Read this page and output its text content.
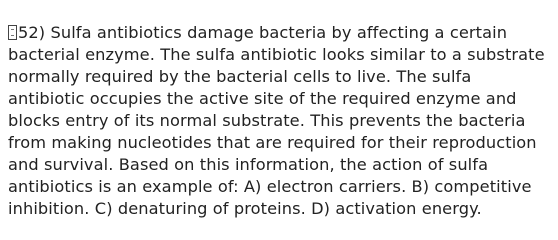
52) Sulfa antibiotics damage bacteria by affecting a certain bacterial enzyme. The sulfa antibiotic looks similar to a substrate normally required by the bacterial cells to live. The sulfa antibiotic occupies the active site of the required enzyme and blocks entry of its normal substrate. This prevents the bacteria from making nucleotides that are required for their reproduction and survival. Based on this information, the action of sulfa antibiotics is an example of: A) electron carriers. B) competitive inhibition. C) denaturing of proteins. D) activation energy.
